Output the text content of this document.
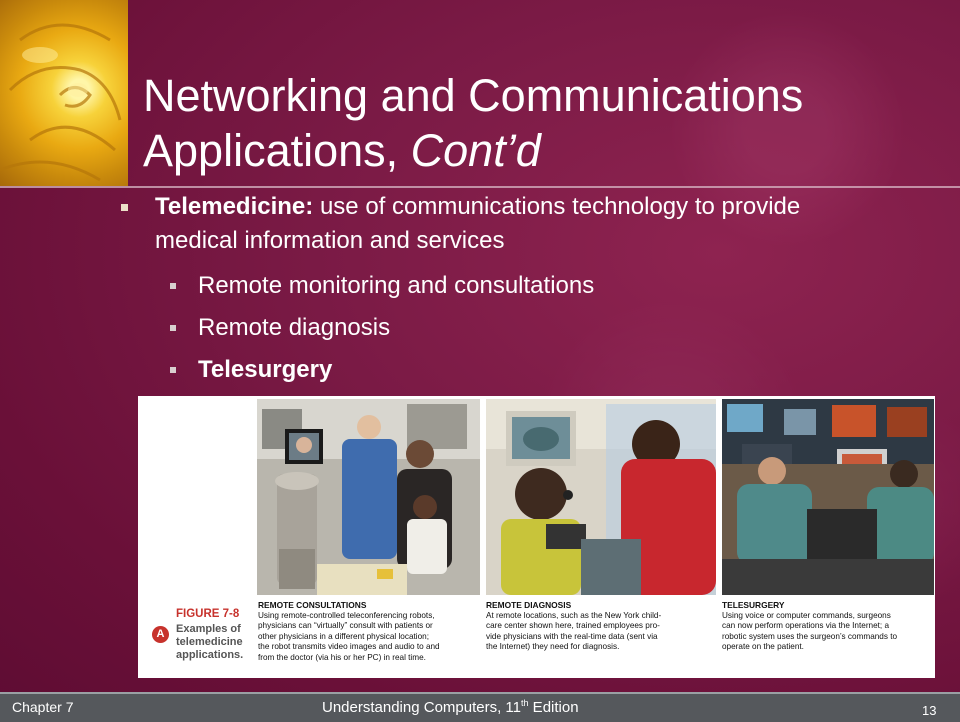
Networking and Communications
Applications, Cont’d
Telemedicine: use of communications technology to provide medical information and services
Remote monitoring and consultations
Remote diagnosis
Telesurgery
REMOTE CONSULTATIONS
Using remote-controlled teleconferencing robots,
physicians can “virtually” consult with patients or
other physicians in a different physical location;
the robot transmits video images and audio to and
from the doctor (via his or her PC) in real time.
REMOTE DIAGNOSIS
At remote locations, such as the New York child-
care center shown here, trained employees pro-
vide physicians with the real-time data (sent via
the Internet) they need for diagnosis.
TELESURGERY
Using voice or computer commands, surgeons
can now perform operations via the Internet; a
robotic system uses the surgeon’s commands to
operate on the patient.
A
FIGURE 7-8
Examples of
telemedicine
applications.
Chapter 7	Understanding Computers, 11th Edition	13
